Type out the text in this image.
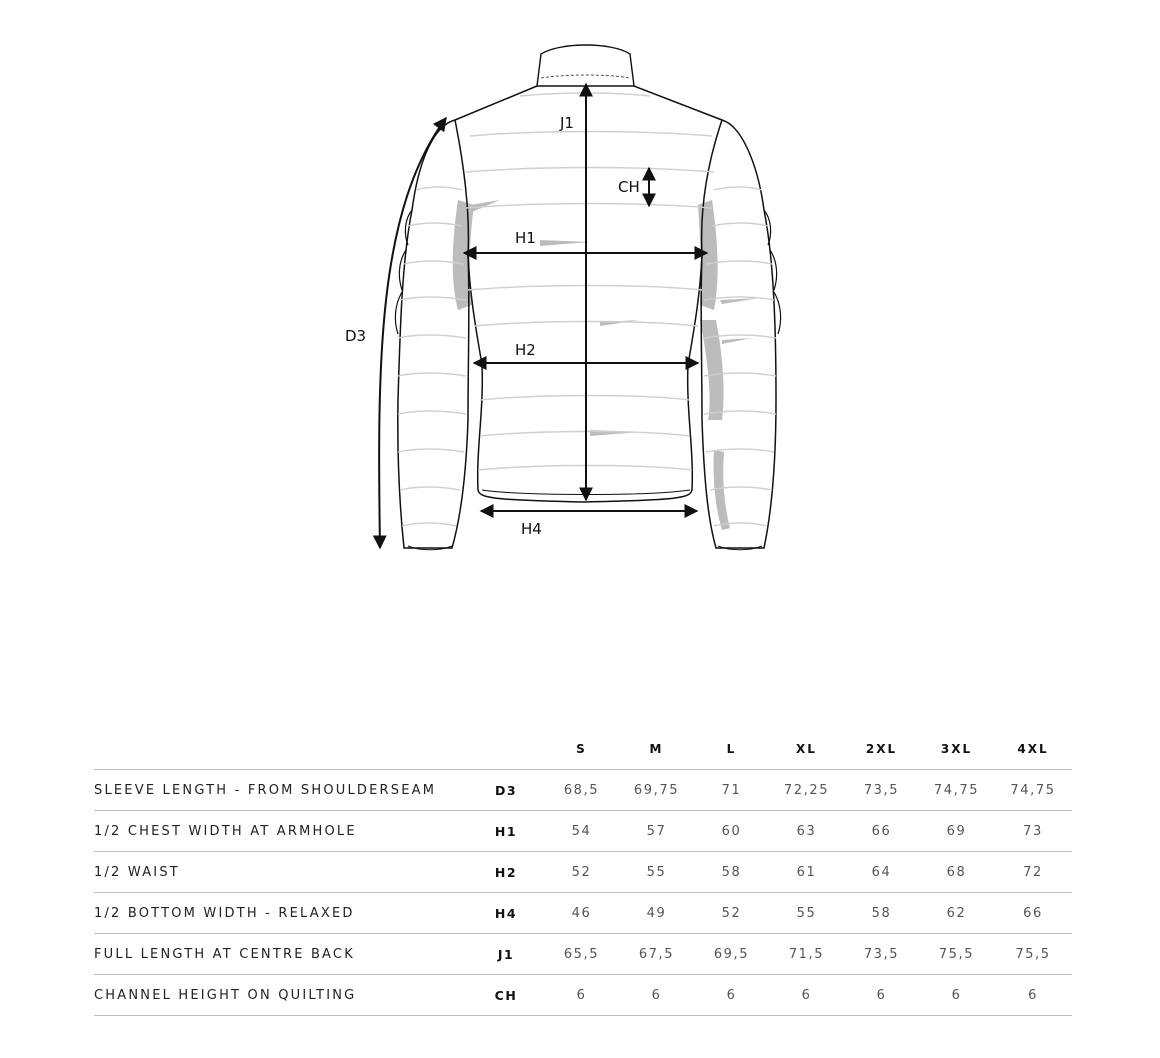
J1
CH
H1
H2
H4
D3
		S	M	L	XL	2XL	3XL	4XL
SLEEVE LENGTH - FROM SHOULDERSEAM	D3	68,5	69,75	71	72,25	73,5	74,75	74,75
1/2 CHEST WIDTH AT ARMHOLE	H1	54	57	60	63	66	69	73
1/2 WAIST	H2	52	55	58	61	64	68	72
1/2 BOTTOM WIDTH - RELAXED	H4	46	49	52	55	58	62	66
FULL LENGTH AT CENTRE BACK	J1	65,5	67,5	69,5	71,5	73,5	75,5	75,5
CHANNEL HEIGHT ON QUILTING	CH	6	6	6	6	6	6	6
